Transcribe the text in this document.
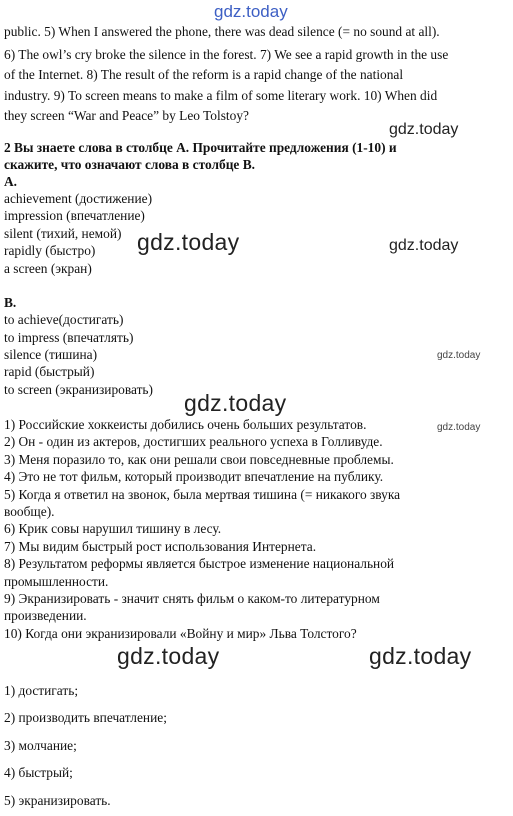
gdz.today
public. 5) When I answered the phone, there was dead silence (= no sound at all).
6) The owl’s cry broke the silence in the forest. 7) We see a rapid growth in the use
of the Internet. 8) The result of the reform is a rapid change of the national
industry. 9) To screen means to make a film of some literary work. 10) When did
they screen “War and Peace” by Leo Tolstoy?
gdz.today
2 Вы знаете слова в столбце А. Прочитайте предложения (1-10) и
скажите, что означают слова в столбце В.
A.
achievement (достижение)
impression (впечатление)
silent (тихий, немой)
rapidly (быстро)
a screen (экран)
gdz.today	gdz.today
B.
to achieve(достигать)
to impress (впечатлять)
silence (тишина)
rapid (быстрый)
to screen (экранизировать)
gdz.today
gdz.today
1) Российские хоккеисты добились очень больших результатов.	gdz.today
2) Он - один из актеров, достигших реального успеха в Голливуде.
3) Меня поразило то, как они решали свои повседневные проблемы.
4) Это не тот фильм, который производит впечатление на публику.
5) Когда я ответил на звонок, была мертвая тишина (= никакого звука
вообще).
6) Крик совы нарушил тишину в лесу.
7) Мы видим быстрый рост использования Интернета.
8) Результатом реформы является быстрое изменение национальной
промышленности.
9) Экранизировать - значит снять фильм о каком-то литературном
произведении.
10) Когда они экранизировали «Войну и мир» Льва Толстого?
gdz.today	gdz.today
1) достигать;
2) производить впечатление;
3) молчание;
4) быстрый;
5) экранизировать.
